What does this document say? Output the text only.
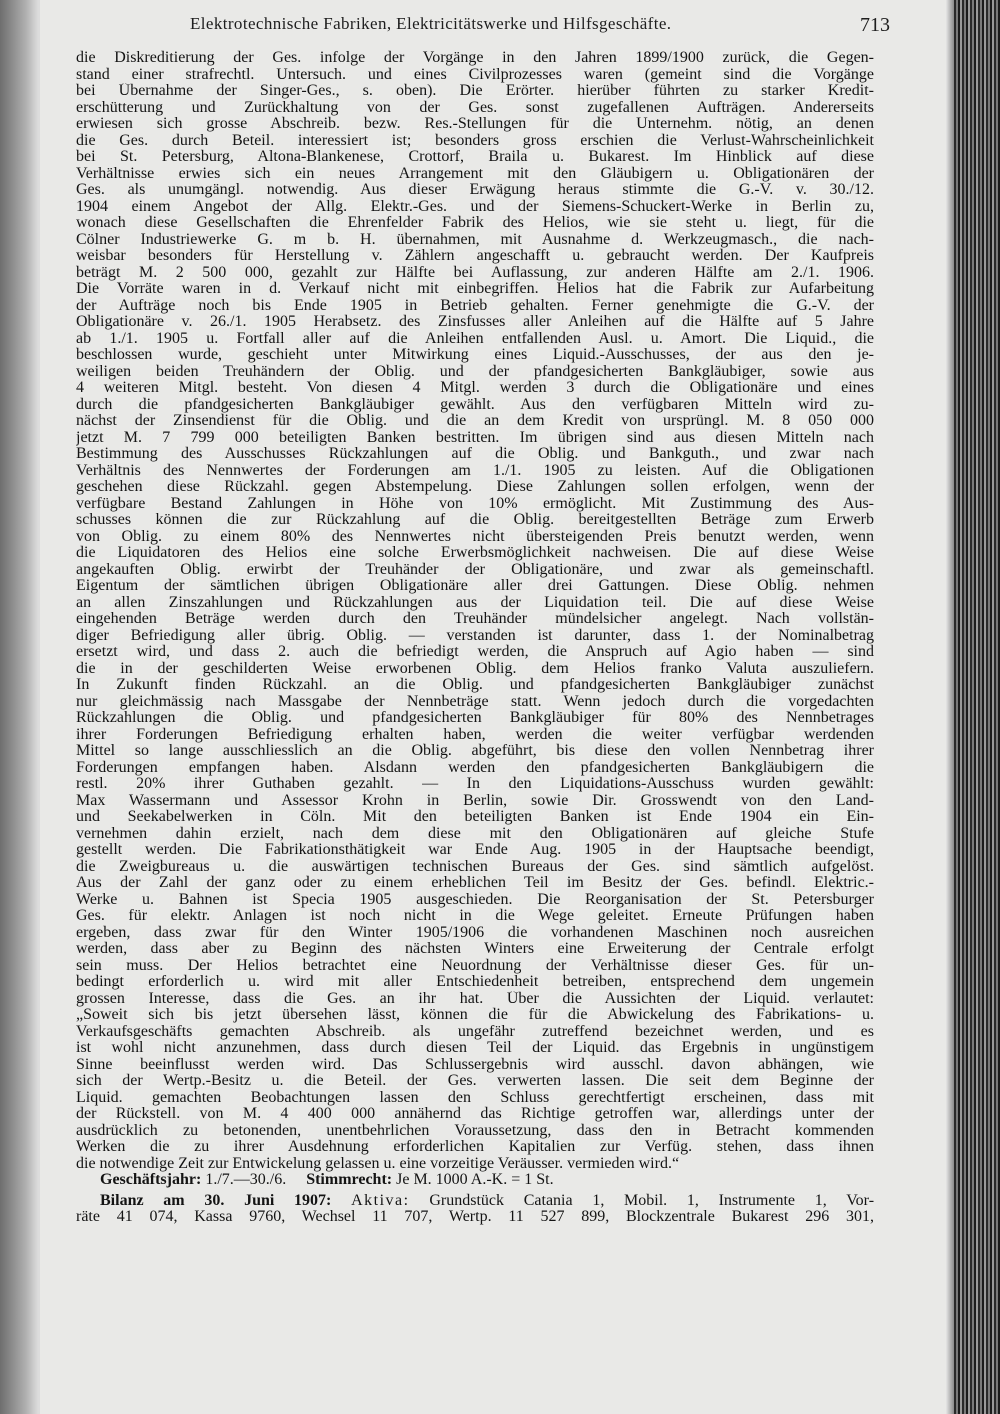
Elektrotechnische Fabriken, Elektricitätswerke und Hilfsgeschäfte.	713
die Diskreditierung der Ges. infolge der Vorgänge in den Jahren 1899/1900 zurück, die Gegen-
stand einer strafrechtl. Untersuch. und eines Civilprozesses waren (gemeint sind die Vorgänge
bei Übernahme der Singer-Ges., s. oben). Die Erörter. hierüber führten zu starker Kredit-
erschütterung und Zurückhaltung von der Ges. sonst zugefallenen Aufträgen. Andererseits
erwiesen sich grosse Abschreib. bezw. Res.-Stellungen für die Unternehm. nötig, an denen
die Ges. durch Beteil. interessiert ist; besonders gross erschien die Verlust-Wahrscheinlichkeit
bei St. Petersburg, Altona-Blankenese, Crottorf, Braila u. Bukarest. Im Hinblick auf diese
Verhältnisse erwies sich ein neues Arrangement mit den Gläubigern u. Obligationären der
Ges. als unumgängl. notwendig. Aus dieser Erwägung heraus stimmte die G.-V. v. 30./12.
1904 einem Angebot der Allg. Elektr.-Ges. und der Siemens-Schuckert-Werke in Berlin zu,
wonach diese Gesellschaften die Ehrenfelder Fabrik des Helios, wie sie steht u. liegt, für die
Cölner Industriewerke G. m b. H. übernahmen, mit Ausnahme d. Werkzeugmasch., die nach-
weisbar besonders für Herstellung v. Zählern angeschafft u. gebraucht werden. Der Kaufpreis
beträgt M. 2 500 000, gezahlt zur Hälfte bei Auflassung, zur anderen Hälfte am 2./1. 1906.
Die Vorräte waren in d. Verkauf nicht mit einbegriffen. Helios hat die Fabrik zur Aufarbeitung
der Aufträge noch bis Ende 1905 in Betrieb gehalten. Ferner genehmigte die G.-V. der
Obligationäre v. 26./1. 1905 Herabsetz. des Zinsfusses aller Anleihen auf die Hälfte auf 5 Jahre
ab 1./1. 1905 u. Fortfall aller auf die Anleihen entfallenden Ausl. u. Amort. Die Liquid., die
beschlossen wurde, geschieht unter Mitwirkung eines Liquid.-Ausschusses, der aus den je-
weiligen beiden Treuhändern der Oblig. und der pfandgesicherten Bankgläubiger, sowie aus
4 weiteren Mitgl. besteht. Von diesen 4 Mitgl. werden 3 durch die Obligationäre und eines
durch die pfandgesicherten Bankgläubiger gewählt. Aus den verfügbaren Mitteln wird zu-
nächst der Zinsendienst für die Oblig. und die an dem Kredit von ursprüngl. M. 8 050 000
jetzt M. 7 799 000 beteiligten Banken bestritten. Im übrigen sind aus diesen Mitteln nach
Bestimmung des Ausschusses Rückzahlungen auf die Oblig. und Bankguth., und zwar nach
Verhältnis des Nennwertes der Forderungen am 1./1. 1905 zu leisten. Auf die Obligationen
geschehen diese Rückzahl. gegen Abstempelung. Diese Zahlungen sollen erfolgen, wenn der
verfügbare Bestand Zahlungen in Höhe von 10% ermöglicht. Mit Zustimmung des Aus-
schusses können die zur Rückzahlung auf die Oblig. bereitgestellten Beträge zum Erwerb
von Oblig. zu einem 80% des Nennwertes nicht übersteigenden Preis benutzt werden, wenn
die Liquidatoren des Helios eine solche Erwerbsmöglichkeit nachweisen. Die auf diese Weise
angekauften Oblig. erwirbt der Treuhänder der Obligationäre, und zwar als gemeinschaftl.
Eigentum der sämtlichen übrigen Obligationäre aller drei Gattungen. Diese Oblig. nehmen
an allen Zinszahlungen und Rückzahlungen aus der Liquidation teil. Die auf diese Weise
eingehenden Beträge werden durch den Treuhänder mündelsicher angelegt. Nach vollstän-
diger Befriedigung aller übrig. Oblig. — verstanden ist darunter, dass 1. der Nominalbetrag
ersetzt wird, und dass 2. auch die befriedigt werden, die Anspruch auf Agio haben — sind
die in der geschilderten Weise erworbenen Oblig. dem Helios franko Valuta auszuliefern.
In Zukunft finden Rückzahl. an die Oblig. und pfandgesicherten Bankgläubiger zunächst
nur gleichmässig nach Massgabe der Nennbeträge statt. Wenn jedoch durch die vorgedachten
Rückzahlungen die Oblig. und pfandgesicherten Bankgläubiger für 80% des Nennbetrages
ihrer Forderungen Befriedigung erhalten haben, werden die weiter verfügbar werdenden
Mittel so lange ausschliesslich an die Oblig. abgeführt, bis diese den vollen Nennbetrag ihrer
Forderungen empfangen haben. Alsdann werden den pfandgesicherten Bankgläubigern die
restl. 20% ihrer Guthaben gezahlt. — In den Liquidations-Ausschuss wurden gewählt:
Max Wassermann und Assessor Krohn in Berlin, sowie Dir. Grosswendt von den Land-
und Seekabelwerken in Cöln. Mit den beteiligten Banken ist Ende 1904 ein Ein-
vernehmen dahin erzielt, nach dem diese mit den Obligationären auf gleiche Stufe
gestellt werden. Die Fabrikationsthätigkeit war Ende Aug. 1905 in der Hauptsache beendigt,
die Zweigbureaus u. die auswärtigen technischen Bureaus der Ges. sind sämtlich aufgelöst.
Aus der Zahl der ganz oder zu einem erheblichen Teil im Besitz der Ges. befindl. Elektric.-
Werke u. Bahnen ist Specia 1905 ausgeschieden. Die Reorganisation der St. Petersburger
Ges. für elektr. Anlagen ist noch nicht in die Wege geleitet. Erneute Prüfungen haben
ergeben, dass zwar für den Winter 1905/1906 die vorhandenen Maschinen noch ausreichen
werden, dass aber zu Beginn des nächsten Winters eine Erweiterung der Centrale erfolgt
sein muss. Der Helios betrachtet eine Neuordnung der Verhältnisse dieser Ges. für un-
bedingt erforderlich u. wird mit aller Entschiedenheit betreiben, entsprechend dem ungemein
grossen Interesse, dass die Ges. an ihr hat. Über die Aussichten der Liquid. verlautet:
„Soweit sich bis jetzt übersehen lässt, können die für die Abwickelung des Fabrikations- u.
Verkaufsgeschäfts gemachten Abschreib. als ungefähr zutreffend bezeichnet werden, und es
ist wohl nicht anzunehmen, dass durch diesen Teil der Liquid. das Ergebnis in ungünstigem
Sinne beeinflusst werden wird. Das Schlussergebnis wird ausschl. davon abhängen, wie
sich der Wertp.-Besitz u. die Beteil. der Ges. verwerten lassen. Die seit dem Beginne der
Liquid. gemachten Beobachtungen lassen den Schluss gerechtfertigt erscheinen, dass mit
der Rückstell. von M. 4 400 000 annähernd das Richtige getroffen war, allerdings unter der
ausdrücklich zu betonenden, unentbehrlichen Voraussetzung, dass den in Betracht kommenden
Werken die zu ihrer Ausdehnung erforderlichen Kapitalien zur Verfüg. stehen, dass ihnen
die notwendige Zeit zur Entwickelung gelassen u. eine vorzeitige Veräusser. vermieden wird.“
Geschäftsjahr: 1./7.—30./6. Stimmrecht: Je M. 1000 A.-K. = 1 St.
Bilanz am 30. Juni 1907: Aktiva: Grundstück Catania 1, Mobil. 1, Instrumente 1, Vor-
räte 41 074, Kassa 9760, Wechsel 11 707, Wertp. 11 527 899, Blockzentrale Bukarest 296 301,
